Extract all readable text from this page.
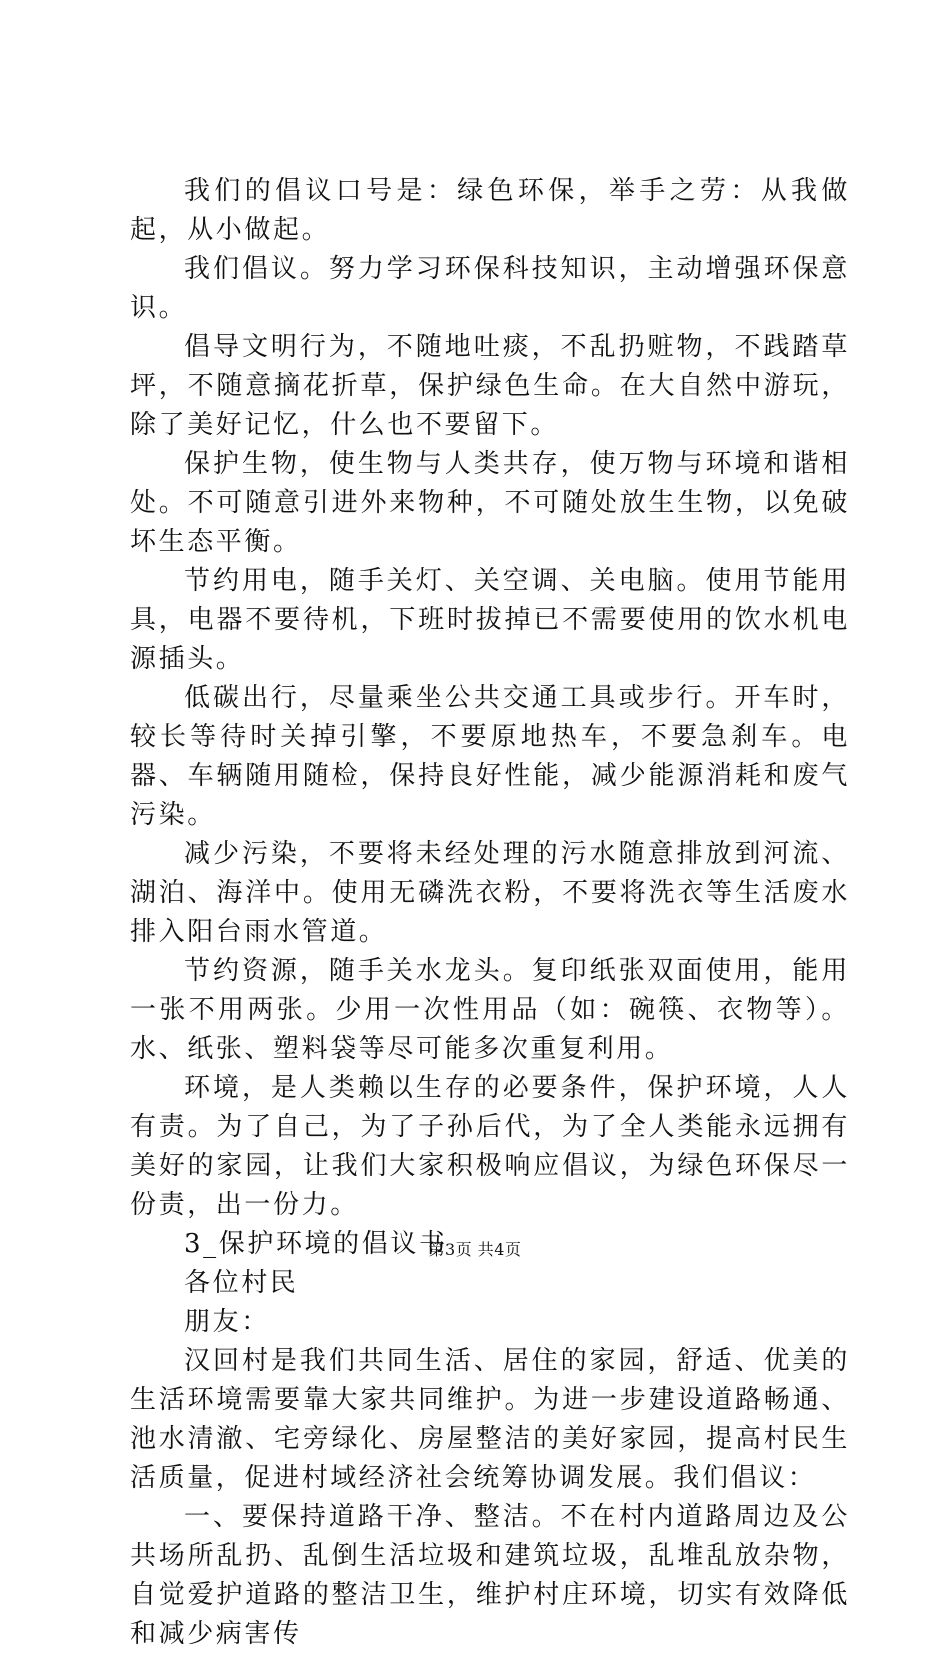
我们的倡议口号是：绿色环保，举手之劳：从我做起，从小做起。

我们倡议。努力学习环保科技知识，主动增强环保意识。

倡导文明行为，不随地吐痰，不乱扔赃物，不践踏草坪，不随意摘花折草，保护绿色生命。在大自然中游玩，除了美好记忆，什么也不要留下。

保护生物，使生物与人类共存，使万物与环境和谐相处。不可随意引进外来物种，不可随处放生生物，以免破坏生态平衡。

节约用电，随手关灯、关空调、关电脑。使用节能用具，电器不要待机，下班时拔掉已不需要使用的饮水机电源插头。

低碳出行，尽量乘坐公共交通工具或步行。开车时，较长等待时关掉引擎，不要原地热车，不要急刹车。电器、车辆随用随检，保持良好性能，减少能源消耗和废气污染。

减少污染，不要将未经处理的污水随意排放到河流、湖泊、海洋中。使用无磷洗衣粉，不要将洗衣等生活废水排入阳台雨水管道。

节约资源，随手关水龙头。复印纸张双面使用，能用一张不用两张。少用一次性用品（如：碗筷、衣物等）。水、纸张、塑料袋等尽可能多次重复利用。

环境，是人类赖以生存的必要条件，保护环境，人人有责。为了自己，为了子孙后代，为了全人类能永远拥有美好的家园，让我们大家积极响应倡议，为绿色环保尽一份责，出一份力。

3_保护环境的倡议书

各位村民

朋友：

汉回村是我们共同生活、居住的家园，舒适、优美的生活环境需要靠大家共同维护。为进一步建设道路畅通、池水清澈、宅旁绿化、房屋整洁的美好家园，提高村民生活质量，促进村域经济社会统筹协调发展。我们倡议：

一、要保持道路干净、整洁。不在村内道路周边及公共场所乱扔、乱倒生活垃圾和建筑垃圾，乱堆乱放杂物，自觉爱护道路的整洁卫生，维护村庄环境，切实有效降低和减少病害传

第3页 共4页
